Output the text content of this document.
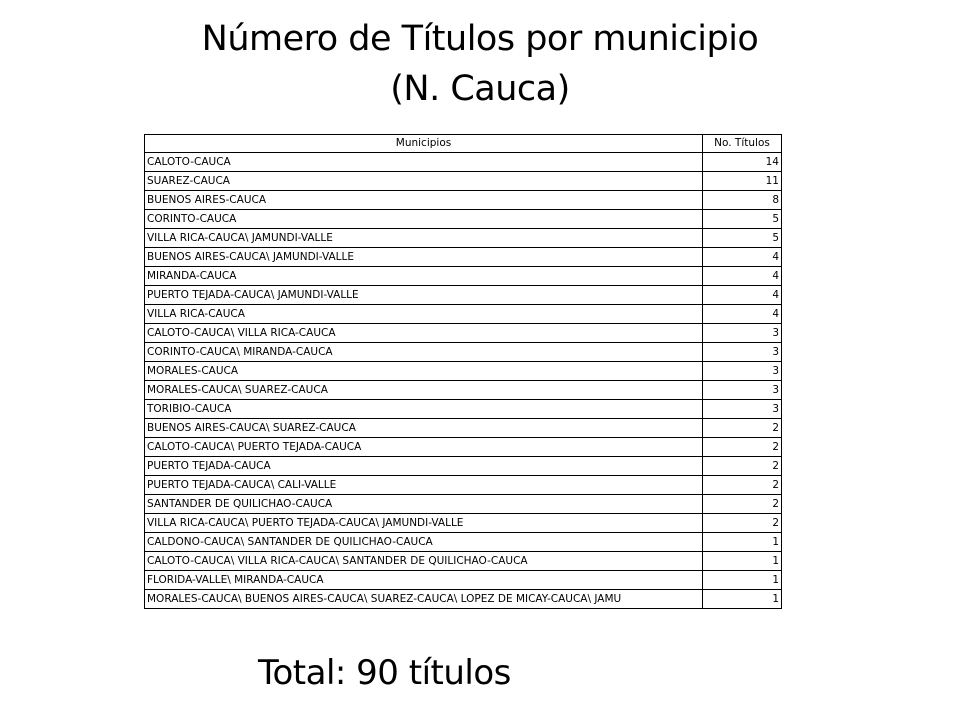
Número de Títulos por municipio
(N. Cauca)
Municipios	No. Títulos
CALOTO-CAUCA	14
SUAREZ-CAUCA	11
BUENOS AIRES-CAUCA	8
CORINTO-CAUCA	5
VILLA RICA-CAUCA\ JAMUNDI-VALLE	5
BUENOS AIRES-CAUCA\ JAMUNDI-VALLE	4
MIRANDA-CAUCA	4
PUERTO TEJADA-CAUCA\ JAMUNDI-VALLE	4
VILLA RICA-CAUCA	4
CALOTO-CAUCA\ VILLA RICA-CAUCA	3
CORINTO-CAUCA\ MIRANDA-CAUCA	3
MORALES-CAUCA	3
MORALES-CAUCA\ SUAREZ-CAUCA	3
TORIBIO-CAUCA	3
BUENOS AIRES-CAUCA\ SUAREZ-CAUCA	2
CALOTO-CAUCA\ PUERTO TEJADA-CAUCA	2
PUERTO TEJADA-CAUCA	2
PUERTO TEJADA-CAUCA\ CALI-VALLE	2
SANTANDER DE QUILICHAO-CAUCA	2
VILLA RICA-CAUCA\ PUERTO TEJADA-CAUCA\ JAMUNDI-VALLE	2
CALDONO-CAUCA\ SANTANDER DE QUILICHAO-CAUCA	1
CALOTO-CAUCA\ VILLA RICA-CAUCA\ SANTANDER DE QUILICHAO-CAUCA	1
FLORIDA-VALLE\ MIRANDA-CAUCA	1
MORALES-CAUCA\ BUENOS AIRES-CAUCA\ SUAREZ-CAUCA\ LOPEZ DE MICAY-CAUCA\ JAMU	1
Total: 90 títulos
